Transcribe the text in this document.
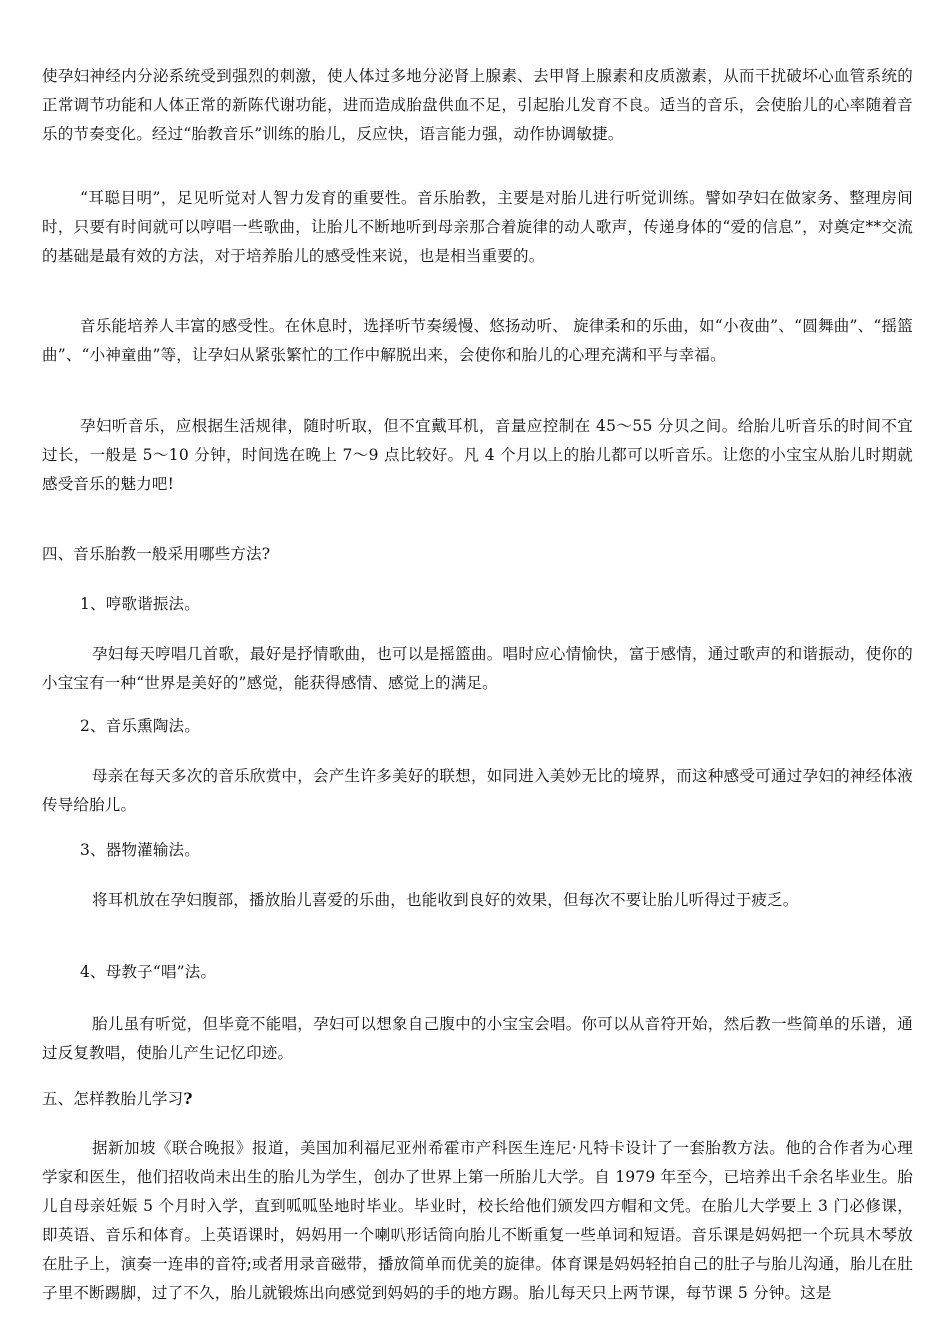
使孕妇神经内分泌系统受到强烈的刺激，使人体过多地分泌肾上腺素、去甲肾上腺素和皮质激素，从而干扰破坏心血管系统的正常调节功能和人体正常的新陈代谢功能，进而造成胎盘供血不足，引起胎儿发育不良。适当的音乐，会使胎儿的心率随着音乐的节奏变化。经过“胎教音乐”训练的胎儿，反应快，语言能力强，动作协调敏捷。

“耳聪目明”，足见听觉对人智力发育的重要性。音乐胎教，主要是对胎儿进行听觉训练。譬如孕妇在做家务、整理房间时，只要有时间就可以哼唱一些歌曲，让胎儿不断地听到母亲那合着旋律的动人歌声，传递身体的“爱的信息”，对奠定**交流的基础是最有效的方法，对于培养胎儿的感受性来说，也是相当重要的。

音乐能培养人丰富的感受性。在休息时，选择听节奏缓慢、悠扬动听、 旋律柔和的乐曲，如“小夜曲”、“圆舞曲”、“摇篮曲”、“小神童曲”等，让孕妇从紧张繁忙的工作中解脱出来，会使你和胎儿的心理充满和平与幸福。

孕妇听音乐，应根据生活规律，随时听取，但不宜戴耳机，音量应控制在 45～55 分贝之间。给胎儿听音乐的时间不宜过长，一般是 5～10 分钟，时间选在晚上 7～9 点比较好。凡 4 个月以上的胎儿都可以听音乐。让您的小宝宝从胎儿时期就感受音乐的魅力吧!

四、音乐胎教一般采用哪些方法?

1、哼歌谐振法。

孕妇每天哼唱几首歌，最好是抒情歌曲，也可以是摇篮曲。唱时应心情愉快，富于感情，通过歌声的和谐振动，使你的小宝宝有一种“世界是美好的”感觉，能获得感情、感觉上的满足。

2、音乐熏陶法。

母亲在每天多次的音乐欣赏中，会产生许多美好的联想，如同进入美妙无比的境界，而这种感受可通过孕妇的神经体液传导给胎儿。

3、器物灌输法。

将耳机放在孕妇腹部，播放胎儿喜爱的乐曲，也能收到良好的效果，但每次不要让胎儿听得过于疲乏。

4、母教子“唱”法。

胎儿虽有听觉，但毕竟不能唱，孕妇可以想象自己腹中的小宝宝会唱。你可以从音符开始，然后教一些简单的乐谱，通过反复教唱，使胎儿产生记忆印迹。

五、怎样教胎儿学习?

据新加坡《联合晚报》报道，美国加利福尼亚州希霍市产科医生连尼·凡特卡设计了一套胎教方法。他的合作者为心理学家和医生，他们招收尚未出生的胎儿为学生，创办了世界上第一所胎儿大学。自 1979 年至今，已培养出千余名毕业生。胎儿自母亲妊娠 5 个月时入学，直到呱呱坠地时毕业。毕业时，校长给他们颁发四方帽和文凭。在胎儿大学要上 3 门必修课，即英语、音乐和体育。上英语课时，妈妈用一个喇叭形话筒向胎儿不断重复一些单词和短语。音乐课是妈妈把一个玩具木琴放在肚子上，演奏一连串的音符;或者用录音磁带，播放简单而优美的旋律。体育课是妈妈轻拍自己的肚子与胎儿沟通，胎儿在肚子里不断踢脚，过了不久，胎儿就锻炼出向感觉到妈妈的手的地方踢。胎儿每天只上两节课，每节课 5 分钟。这是
